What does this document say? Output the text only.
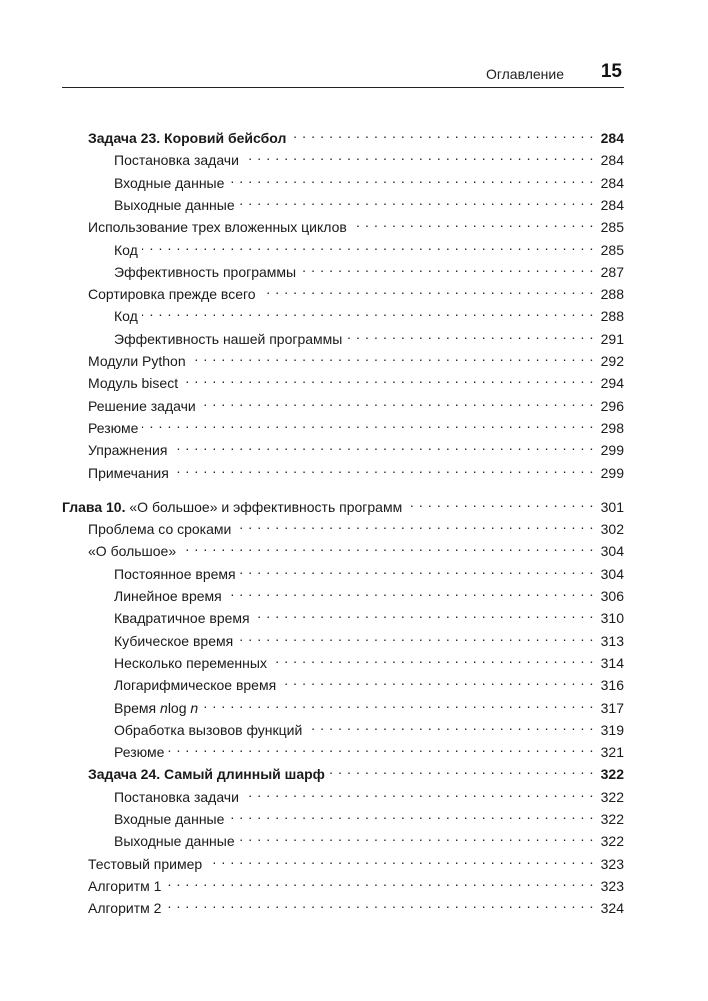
Оглавление 15
Задача 23. Коровий бейсбол . . .	284
Постановка задачи . . .	284
Входные данные . . .	284
Выходные данные . . .	284
Использование трех вложенных циклов . . .	285
Код . . .	285
Эффективность программы . . .	287
Сортировка прежде всего . . .	288
Код . . .	288
Эффективность нашей программы . . .	291
Модули Python . . .	292
Модуль bisect . . .	294
Решение задачи . . .	296
Резюме . . .	298
Упражнения . . .	299
Примечания . . .	299
Глава 10. «О большое» и эффективность программ . . .	301
Проблема со сроками . . .	302
«О большое» . . .	304
Постоянное время . . .	304
Линейное время . . .	306
Квадратичное время . . .	310
Кубическое время . . .	313
Несколько переменных . . .	314
Логарифмическое время . . .	316
Время nlog n . . .	317
Обработка вызовов функций . . .	319
Резюме . . .	321
Задача 24. Самый длинный шарф . . .	322
Постановка задачи . . .	322
Входные данные . . .	322
Выходные данные . . .	322
Тестовый пример . . .	323
Алгоритм 1 . . .	323
Алгоритм 2 . . .	324
